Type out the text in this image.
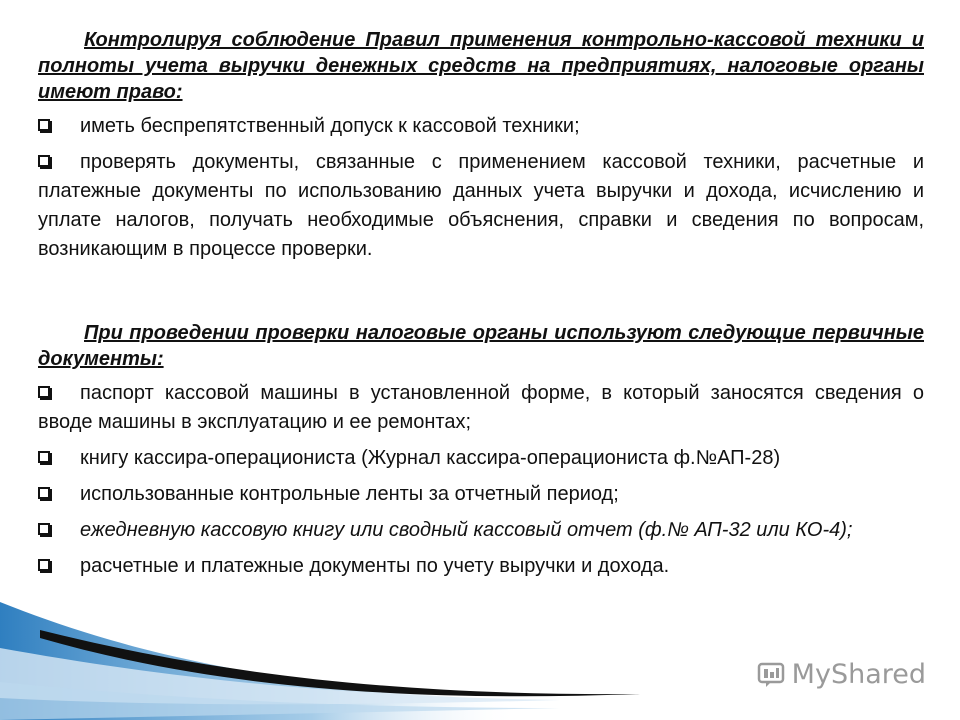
Контролируя соблюдение Правил применения контрольно-кассовой техники и полноты учета выручки денежных средств на предприятиях, налоговые органы имеют право:

иметь беспрепятственный допуск к кассовой техники;
проверять документы, связанные с применением кассовой техники, расчетные и платежные документы по использованию данных учета выручки и дохода, исчислению и уплате налогов, получать необходимые объяснения, справки и сведения по вопросам, возникающим в процессе проверки.

При проведении проверки налоговые органы используют следующие первичные документы:

паспорт кассовой машины в установленной форме, в который заносятся сведения о вводе машины в эксплуатацию и ее ремонтах;
книгу кассира-операциониста (Журнал кассира-операциониста ф.№АП-28)
использованные контрольные ленты за отчетный период;
ежедневную кассовую книгу или сводный кассовый отчет (ф.№ АП-32 или КО-4);
расчетные и платежные документы по учету выручки и дохода.
MyShared
